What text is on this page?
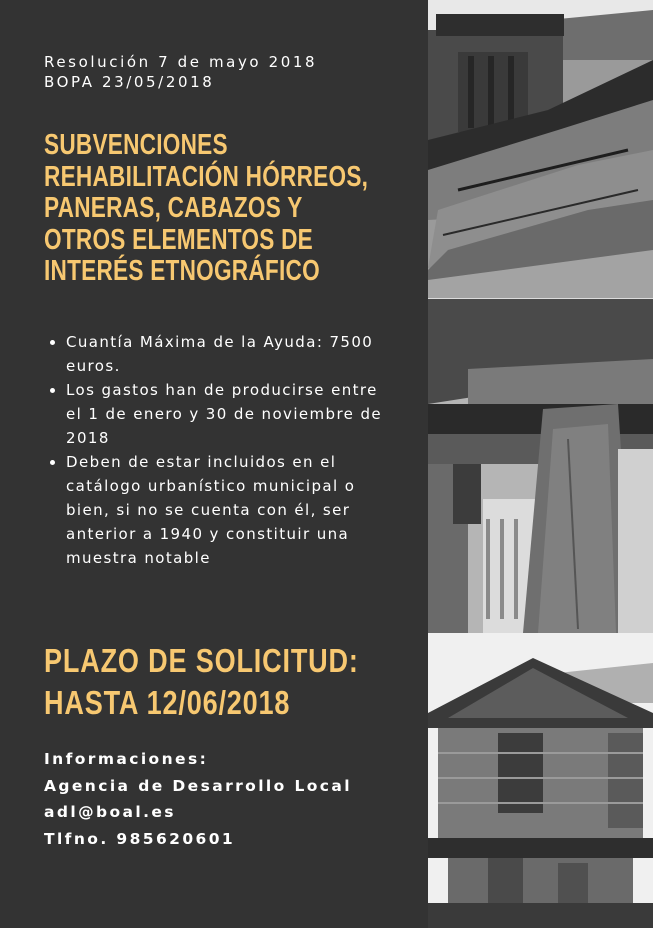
Resolución 7 de mayo 2018
BOPA 23/05/2018
SUBVENCIONES
REHABILITACIÓN HÓRREOS,
PANERAS, CABAZOS Y
OTROS ELEMENTOS DE
INTERÉS ETNOGRÁFICO
Cuantía Máxima de la Ayuda: 7500 euros.
Los gastos han de producirse entre el 1 de enero y 30 de noviembre de 2018
Deben de estar incluidos en el catálogo urbanístico municipal o bien, si no se cuenta con él, ser anterior a 1940 y constituir una muestra notable
PLAZO DE SOLICITUD:
HASTA 12/06/2018
Informaciones:
Agencia de Desarrollo Local
adl@boal.es
Tlfno. 985620601
